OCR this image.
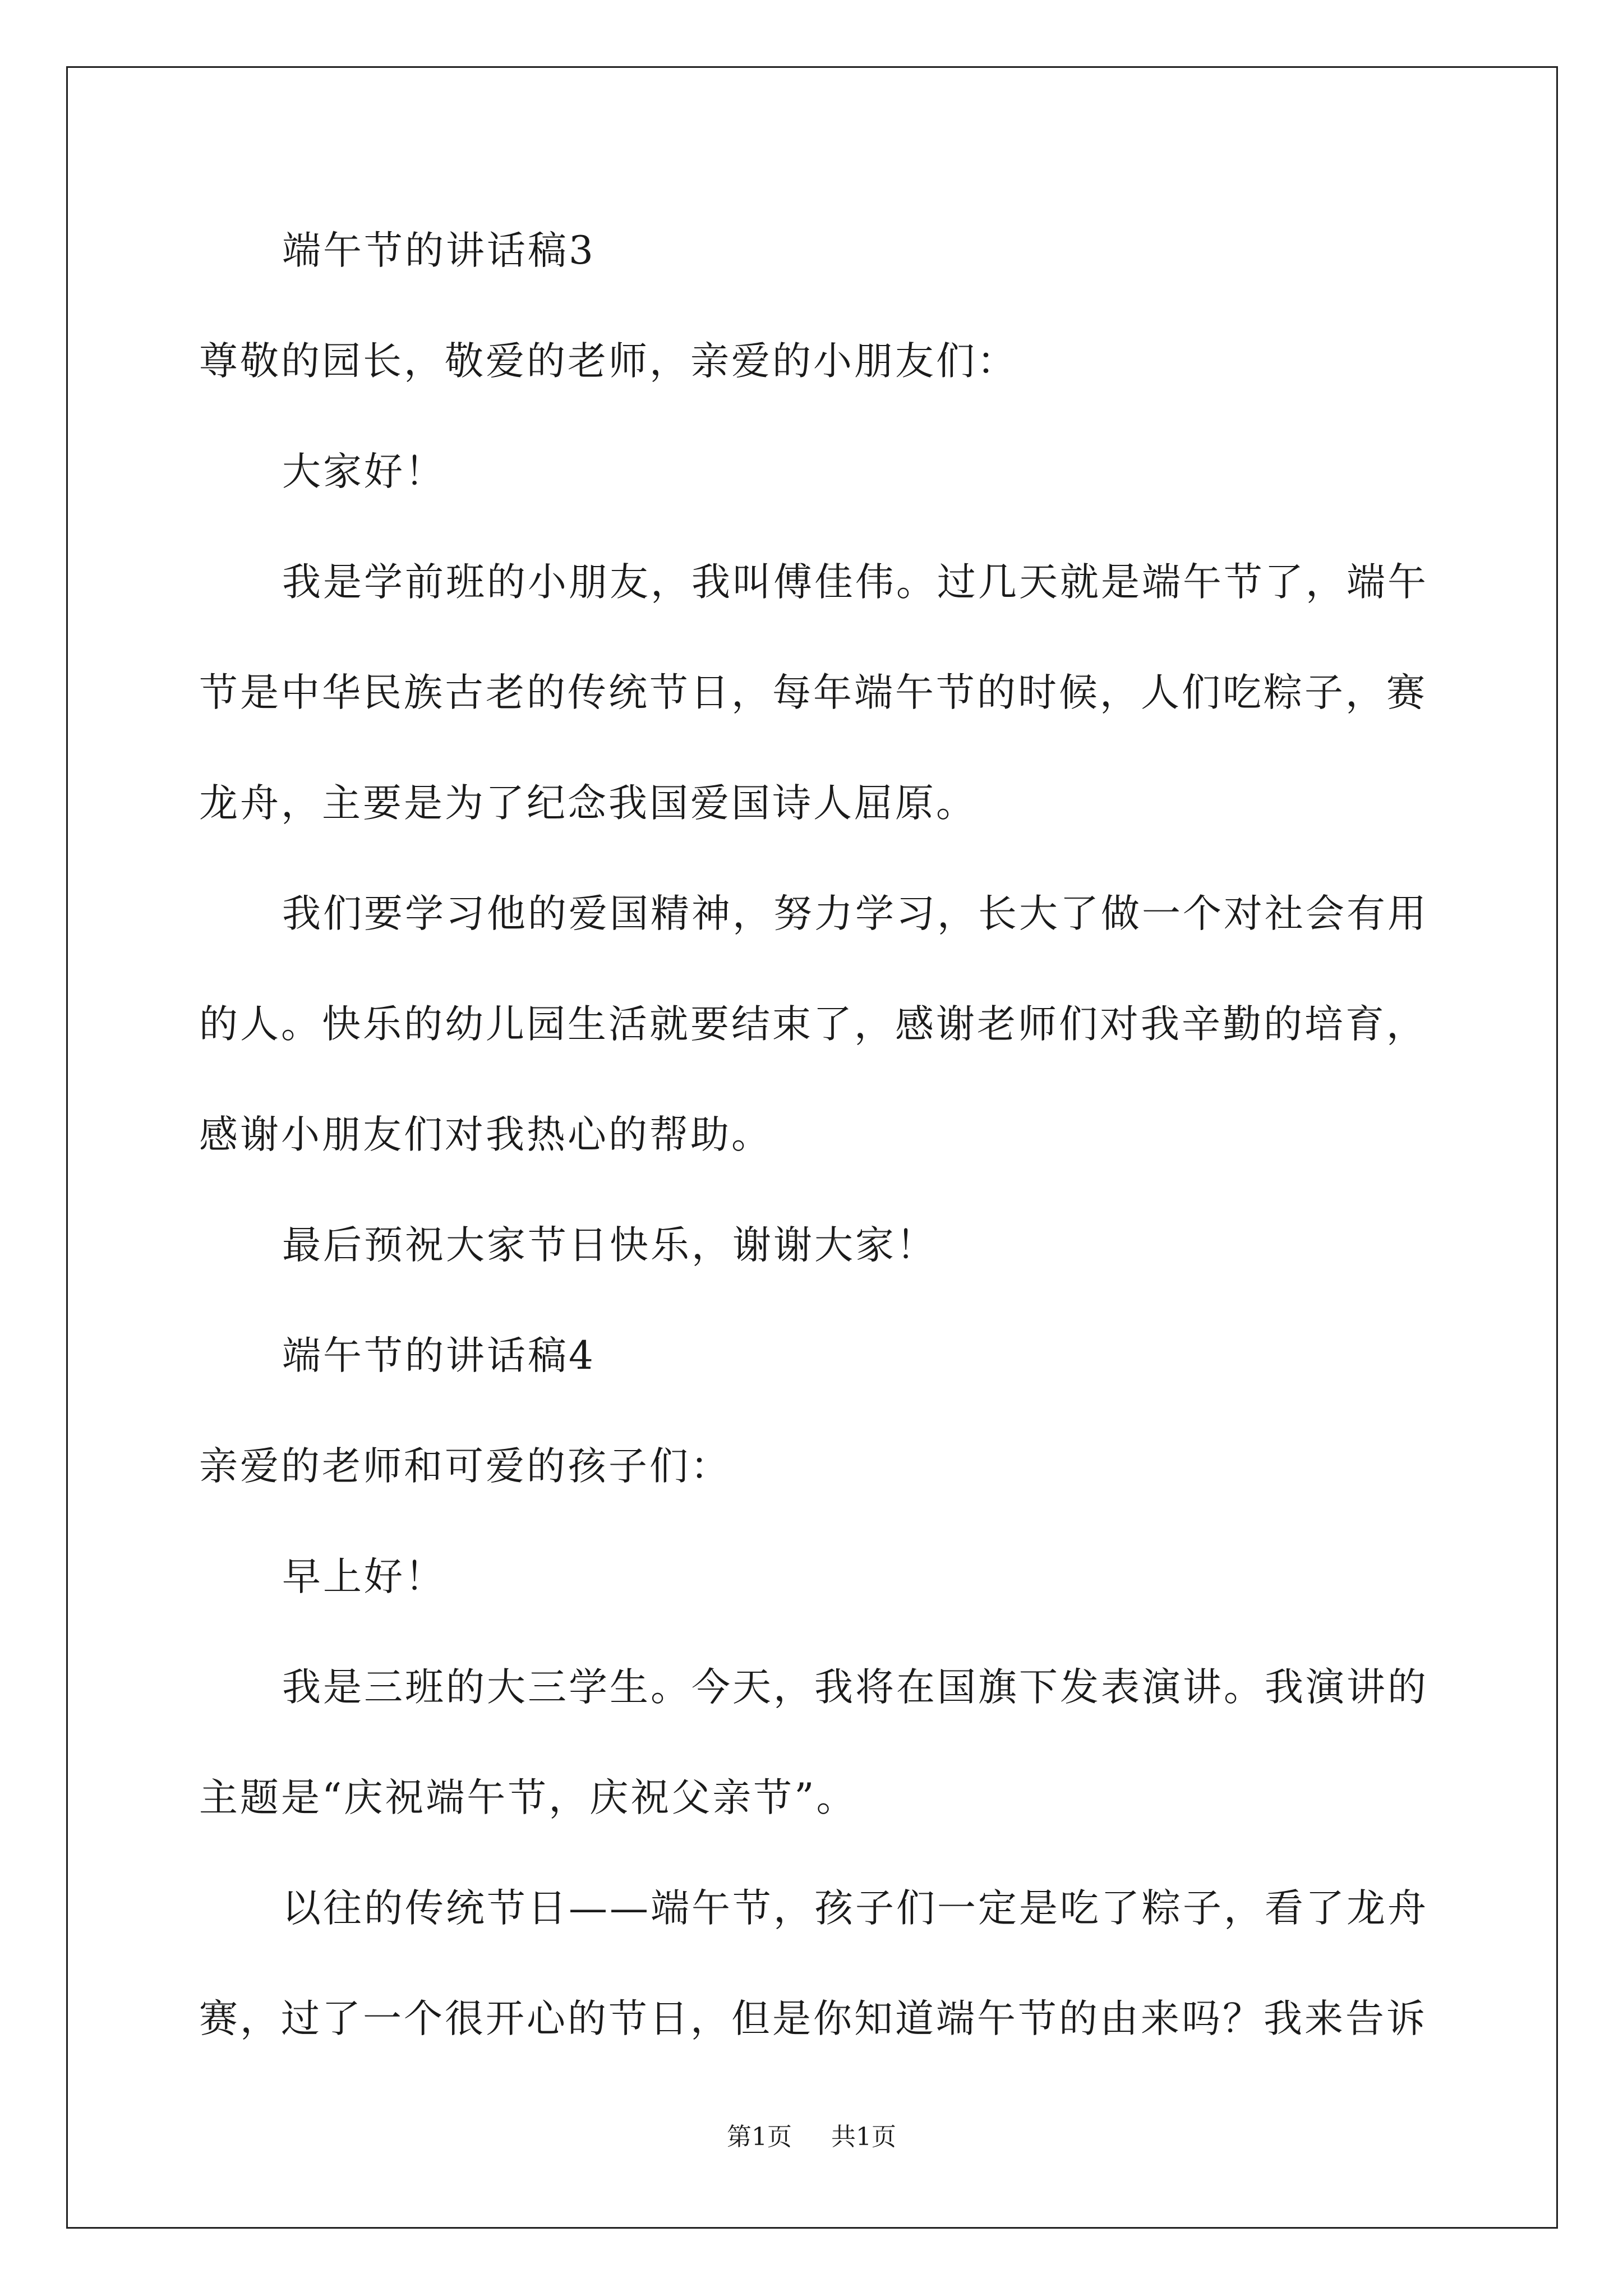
端午节的讲话稿3
尊敬的园长，敬爱的老师，亲爱的小朋友们：
大家好！
我是学前班的小朋友，我叫傅佳伟。过几天就是端午节了，端午
节是中华民族古老的传统节日，每年端午节的时候，人们吃粽子，赛
龙舟，主要是为了纪念我国爱国诗人屈原。
我们要学习他的爱国精神，努力学习，长大了做一个对社会有用
的人。快乐的幼儿园生活就要结束了，感谢老师们对我辛勤的培育，
感谢小朋友们对我热心的帮助。
最后预祝大家节日快乐，谢谢大家！
端午节的讲话稿4
亲爱的老师和可爱的孩子们：
早上好！
我是三班的大三学生。今天，我将在国旗下发表演讲。我演讲的
主题是“庆祝端午节，庆祝父亲节”。
以往的传统节日——端午节，孩子们一定是吃了粽子，看了龙舟
赛，过了一个很开心的节日，但是你知道端午节的由来吗？我来告诉
第1页 共1页
